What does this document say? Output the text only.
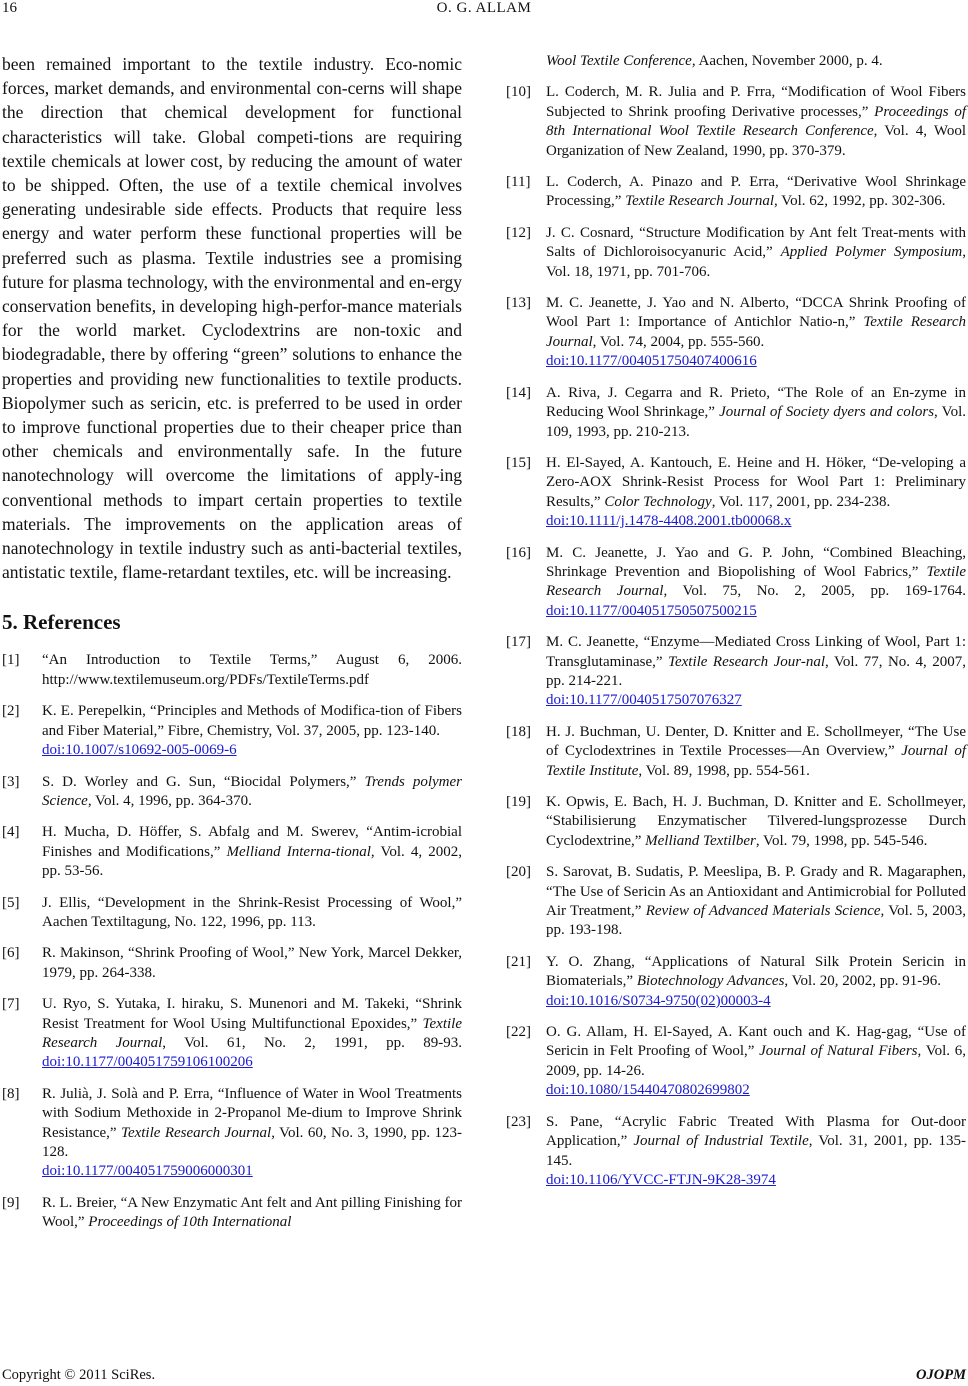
16	O. G. ALLAM

been remained important to the textile industry. Eco-nomic forces, market demands, and environmental con-cerns will shape the direction that chemical development for functional characteristics will take. Global competi-tions are requiring textile chemicals at lower cost, by reducing the amount of water to be shipped. Often, the use of a textile chemical involves generating undesirable side effects. Products that require less energy and water perform these functional properties will be preferred such as plasma. Textile industries see a promising future for plasma technology, with the environmental and en-ergy conservation benefits, in developing high-perfor-mance materials for the world market. Cyclodextrins are non-toxic and biodegradable, there by offering “green” solutions to enhance the properties and providing new functionalities to textile products. Biopolymer such as sericin, etc. is preferred to be used in order to improve functional properties due to their cheaper price than other chemicals and environmentally safe. In the future nanotechnology will overcome the limitations of apply-ing conventional methods to impart certain properties to textile materials. The improvements on the application areas of nanotechnology in textile industry such as anti-bacterial textiles, antistatic textile, flame-retardant textiles, etc. will be increasing.

5. References
[1]	“An Introduction to Textile Terms,” August 6, 2006. http://www.textilemuseum.org/PDFs/TextileTerms.pdf
[2]	K. E. Perepelkin, “Principles and Methods of Modifica-tion of Fibers and Fiber Material,” Fibre, Chemistry, Vol. 37, 2005, pp. 123-140.
doi:10.1007/s10692-005-0069-6
[3]	S. D. Worley and G. Sun, “Biocidal Polymers,” Trends polymer Science, Vol. 4, 1996, pp. 364-370.
[4]	H. Mucha, D. Höffer, S. Abfalg and M. Swerev, “Antim-icrobial Finishes and Modifications,” Melliand Interna-tional, Vol. 4, 2002, pp. 53-56.
[5]	J. Ellis, “Development in the Shrink-Resist Processing of Wool,” Aachen Textiltagung, No. 122, 1996, pp. 113.
[6]	R. Makinson, “Shrink Proofing of Wool,” New York, Marcel Dekker, 1979, pp. 264-338.
[7]	U. Ryo, S. Yutaka, I. hiraku, S. Munenori and M. Takeki, “Shrink Resist Treatment for Wool Using Multifunctional Epoxides,” Textile Research Journal, Vol. 61, No. 2, 1991, pp. 89-93. doi:10.1177/004051759106100206
[8]	R. Julià, J. Solà and P. Erra, “Influence of Water in Wool Treatments with Sodium Methoxide in 2-Propanol Me-dium to Improve Shrink Resistance,” Textile Research Journal, Vol. 60, No. 3, 1990, pp. 123-128.
doi:10.1177/004051759006000301
[9]	R. L. Breier, “A New Enzymatic Ant felt and Ant pilling Finishing for Wool,” Proceedings of 10th International
Wool Textile Conference, Aachen, November 2000, p. 4.
[10]	L. Coderch, M. R. Julia and P. Frra, “Modification of Wool Fibers Subjected to Shrink proofing Derivative processes,” Proceedings of 8th International Wool Textile Research Conference, Vol. 4, Wool Organization of New Zealand, 1990, pp. 370-379.
[11]	L. Coderch, A. Pinazo and P. Erra, “Derivative Wool Shrinkage Processing,” Textile Research Journal, Vol. 62, 1992, pp. 302-306.
[12]	J. C. Cosnard, “Structure Modification by Ant felt Treat-ments with Salts of Dichloroisocyanuric Acid,” Applied Polymer Symposium, Vol. 18, 1971, pp. 701-706.
[13]	M. C. Jeanette, J. Yao and N. Alberto, “DCCA Shrink Proofing of Wool Part 1: Importance of Antichlor Natio-n,” Textile Research Journal, Vol. 74, 2004, pp. 555-560.
doi:10.1177/004051750407400616
[14]	A. Riva, J. Cegarra and R. Prieto, “The Role of an En-zyme in Reducing Wool Shrinkage,” Journal of Society dyers and colors, Vol. 109, 1993, pp. 210-213.
[15]	H. El-Sayed, A. Kantouch, E. Heine and H. Höker, “De-veloping a Zero-AOX Shrink-Resist Process for Wool Part 1: Preliminary Results,” Color Technology, Vol. 117, 2001, pp. 234-238.
doi:10.1111/j.1478-4408.2001.tb00068.x
[16]	M. C. Jeanette, J. Yao and G. P. John, “Combined Bleaching, Shrinkage Prevention and Biopolishing of Wool Fabrics,” Textile Research Journal, Vol. 75, No. 2, 2005, pp. 169-1764. doi:10.1177/004051750507500215
[17]	M. C. Jeanette, “Enzyme—Mediated Cross Linking of Wool, Part 1: Transglutaminase,” Textile Research Jour-nal, Vol. 77, No. 4, 2007, pp. 214-221.
doi:10.1177/0040517507076327
[18]	H. J. Buchman, U. Denter, D. Knitter and E. Schollmeyer, “The Use of Cyclodextrines in Textile Processes—An Overview,” Journal of Textile Institute, Vol. 89, 1998, pp. 554-561.
[19]	K. Opwis, E. Bach, H. J. Buchman, D. Knitter and E. Schollmeyer, “Stabilisierung Enzymatischer Tilvered-lungsprozesse Durch Cyclodextrine,” Melliand Textilber, Vol. 79, 1998, pp. 545-546.
[20]	S. Sarovat, B. Sudatis, P. Meeslipa, B. P. Grady and R. Magaraphen, “The Use of Sericin As an Antioxidant and Antimicrobial for Polluted Air Treatment,” Review of Advanced Materials Science, Vol. 5, 2003, pp. 193-198.
[21]	Y. O. Zhang, “Applications of Natural Silk Protein Sericin in Biomaterials,” Biotechnology Advances, Vol. 20, 2002, pp. 91-96.
doi:10.1016/S0734-9750(02)00003-4
[22]	O. G. Allam, H. El-Sayed, A. Kant ouch and K. Hag-gag, “Use of Sericin in Felt Proofing of Wool,” Journal of Natural Fibers, Vol. 6, 2009, pp. 14-26.
doi:10.1080/15440470802699802
[23]	S. Pane, “Acrylic Fabric Treated With Plasma for Out-door Application,” Journal of Industrial Textile, Vol. 31, 2001, pp. 135-145.
doi:10.1106/YVCC-FTJN-9K28-3974
Copyright © 2011 SciRes.	OJOPM
